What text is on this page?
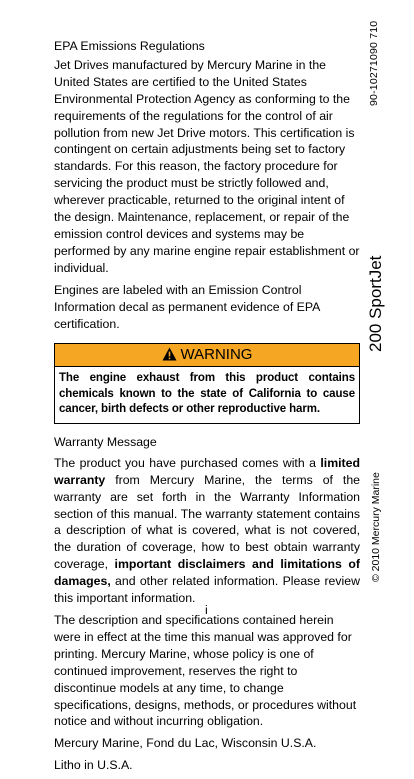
EPA Emissions Regulations
Jet Drives manufactured by Mercury Marine in the United States are certified to the United States Environmental Protection Agency as conforming to the requirements of the regulations for the control of air pollution from new Jet Drive motors. This certification is contingent on certain adjustments being set to factory standards. For this reason, the factory procedure for servicing the product must be strictly followed and, wherever practicable, returned to the original intent of the design. Maintenance, replacement, or repair of the emission control devices and systems may be performed by any marine engine repair establishment or individual.
Engines are labeled with an Emission Control Information decal as permanent evidence of EPA certification.
WARNING
The engine exhaust from this product contains chemicals known to the state of California to cause cancer, birth defects or other reproductive harm.
Warranty Message
The product you have purchased comes with a limited warranty from Mercury Marine, the terms of the warranty are set forth in the Warranty Information section of this manual. The warranty statement contains a description of what is covered, what is not covered, the duration of coverage, how to best obtain warranty coverage, important disclaimers and limitations of damages, and other related information. Please review this important information.
The description and specifications contained herein were in effect at the time this manual was approved for printing. Mercury Marine, whose policy is one of continued improvement, reserves the right to discontinue models at any time, to change specifications, designs, methods, or procedures without notice and without incurring obligation.
Mercury Marine, Fond du Lac, Wisconsin U.S.A.
Litho in U.S.A.
i
90-10271090 710
200 SportJet
© 2010 Mercury Marine
